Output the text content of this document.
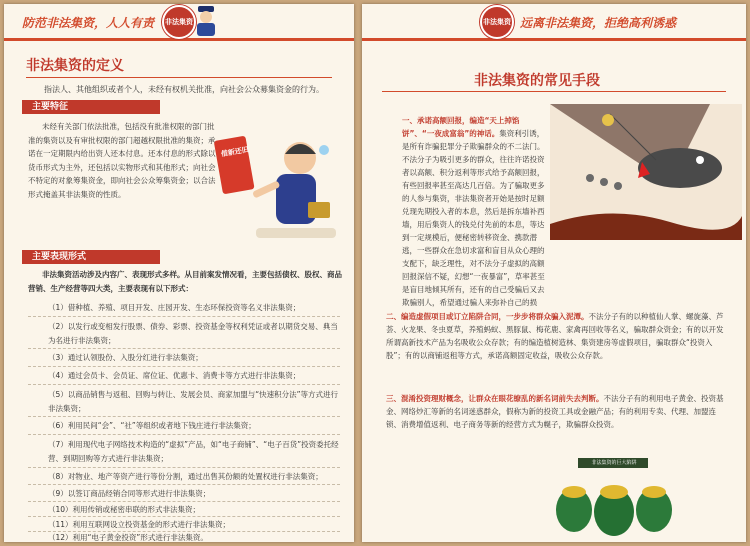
防范非法集资，人人有责	非法集资
非法集资的定义
指法人、其他组织或者个人，未经有权机关批准，向社会公众募集资金的行为。
主要特征
未经有关部门依法批准，包括没有批准权限的部门批准的集资以及有审批权限的部门超越权限批准的集资；承诺在一定期限内给出资人还本付息。还本付息的形式除以货币形式为主外，还包括以实物形式和其他形式；向社会不特定的对象筹集资金，即向社会公众筹集资金；以合法形式掩盖其非法集资的性质。
借新还旧
主要表现形式
非法集资活动涉及内容广、表现形式多样。从目前案发情况看，主要包括债权、股权、商品营销、生产经营等四大类，主要表现有以下形式：
（1）借种植、养殖、项目开发、庄园开发、生态环保投资等名义非法集资；
（2）以发行或变相发行股票、债券、彩票、投资基金等权利凭证或者以期货交易、典当为名进行非法集资；
（3）通过认领股份、入股分红进行非法集资；
（4）通过会员卡、会员证、席位证、优惠卡、消费卡等方式进行非法集资；
（5）以商品销售与返租、回购与转让、发展会员、商家加盟与“快速积分法”等方式进行非法集资；
（6）利用民间“会”、“社”等组织或者地下钱庄进行非法集资；
（7）利用现代电子网络技术构造的“虚拟”产品，如“电子商铺”、“电子百货”投资委托经营、到期回购等方式进行非法集资；
（8）对物业、地产等资产进行等份分割，通过出售其份额的处置权进行非法集资；
（9）以签订商品经销合同等形式进行非法集资；
（10）利用传销或秘密串联的形式非法集资；
（11）利用互联网设立投资基金的形式进行非法集资；
（12）利用“电子黄金投资”形式进行非法集资。
非法集资 远离非法集资，拒绝高利诱惑
非法集资的常见手段
一、承诺高额回报，编造“天上掉馅饼”、“一夜成富翁”的神话。集资利引诱，是所有诈骗犯罪分子欺骗群众的不二法门。不法分子为吸引更多的群众，往往许诺投资者以高额、积分返利等形式给予高额回报，有些回报率甚至高达几百倍。为了骗取更多的人参与集资，非法集资者开始是按时足额兑现先期投入者的本息，然后是拆东墙补西墙，用后集资人的钱兑付先前的本息，等达到一定规模后，便秘密转移资金、携款潜逃，一些群众在急切求富和盲目从众心理的支配下，缺乏理性，对不法分子虚拟的高额回报深信不疑，幻想“一夜暴富”，草率甚至是盲目地倾其所有，还有的自己受骗后又去欺骗别人，希望通过骗人来弥补自己的损
二、编造虚假项目或订立陷阱合同，一步步将群众骗入泥潭。不法分子有的以种植仙人掌、螺旋藻、芦荟、火龙果、冬虫夏草，养殖蚂蚁、黑豚鼠、梅花鹿、家禽再回收等名义，骗取群众资金；有的以开发所谓高新技术产品为名吸收公众存款；有的编造植树造林、集资建房等虚假项目，骗取群众“投资入股”；有的以商铺返租等方式，承诺高额固定收益，吸收公众存款。
三、混淆投资理财概念，让群众在眼花缭乱的新名词前失去判断。不法分子有的利用电子黄金、投资基金、网络炒汇等新的名词迷惑群众，假称为新的投资工具或金融产品；有的利用专卖、代理、加盟连锁、消费增值返利、电子商务等新的经营方式为幌子，欺骗群众投资。
非法集资的巨大陷阱
